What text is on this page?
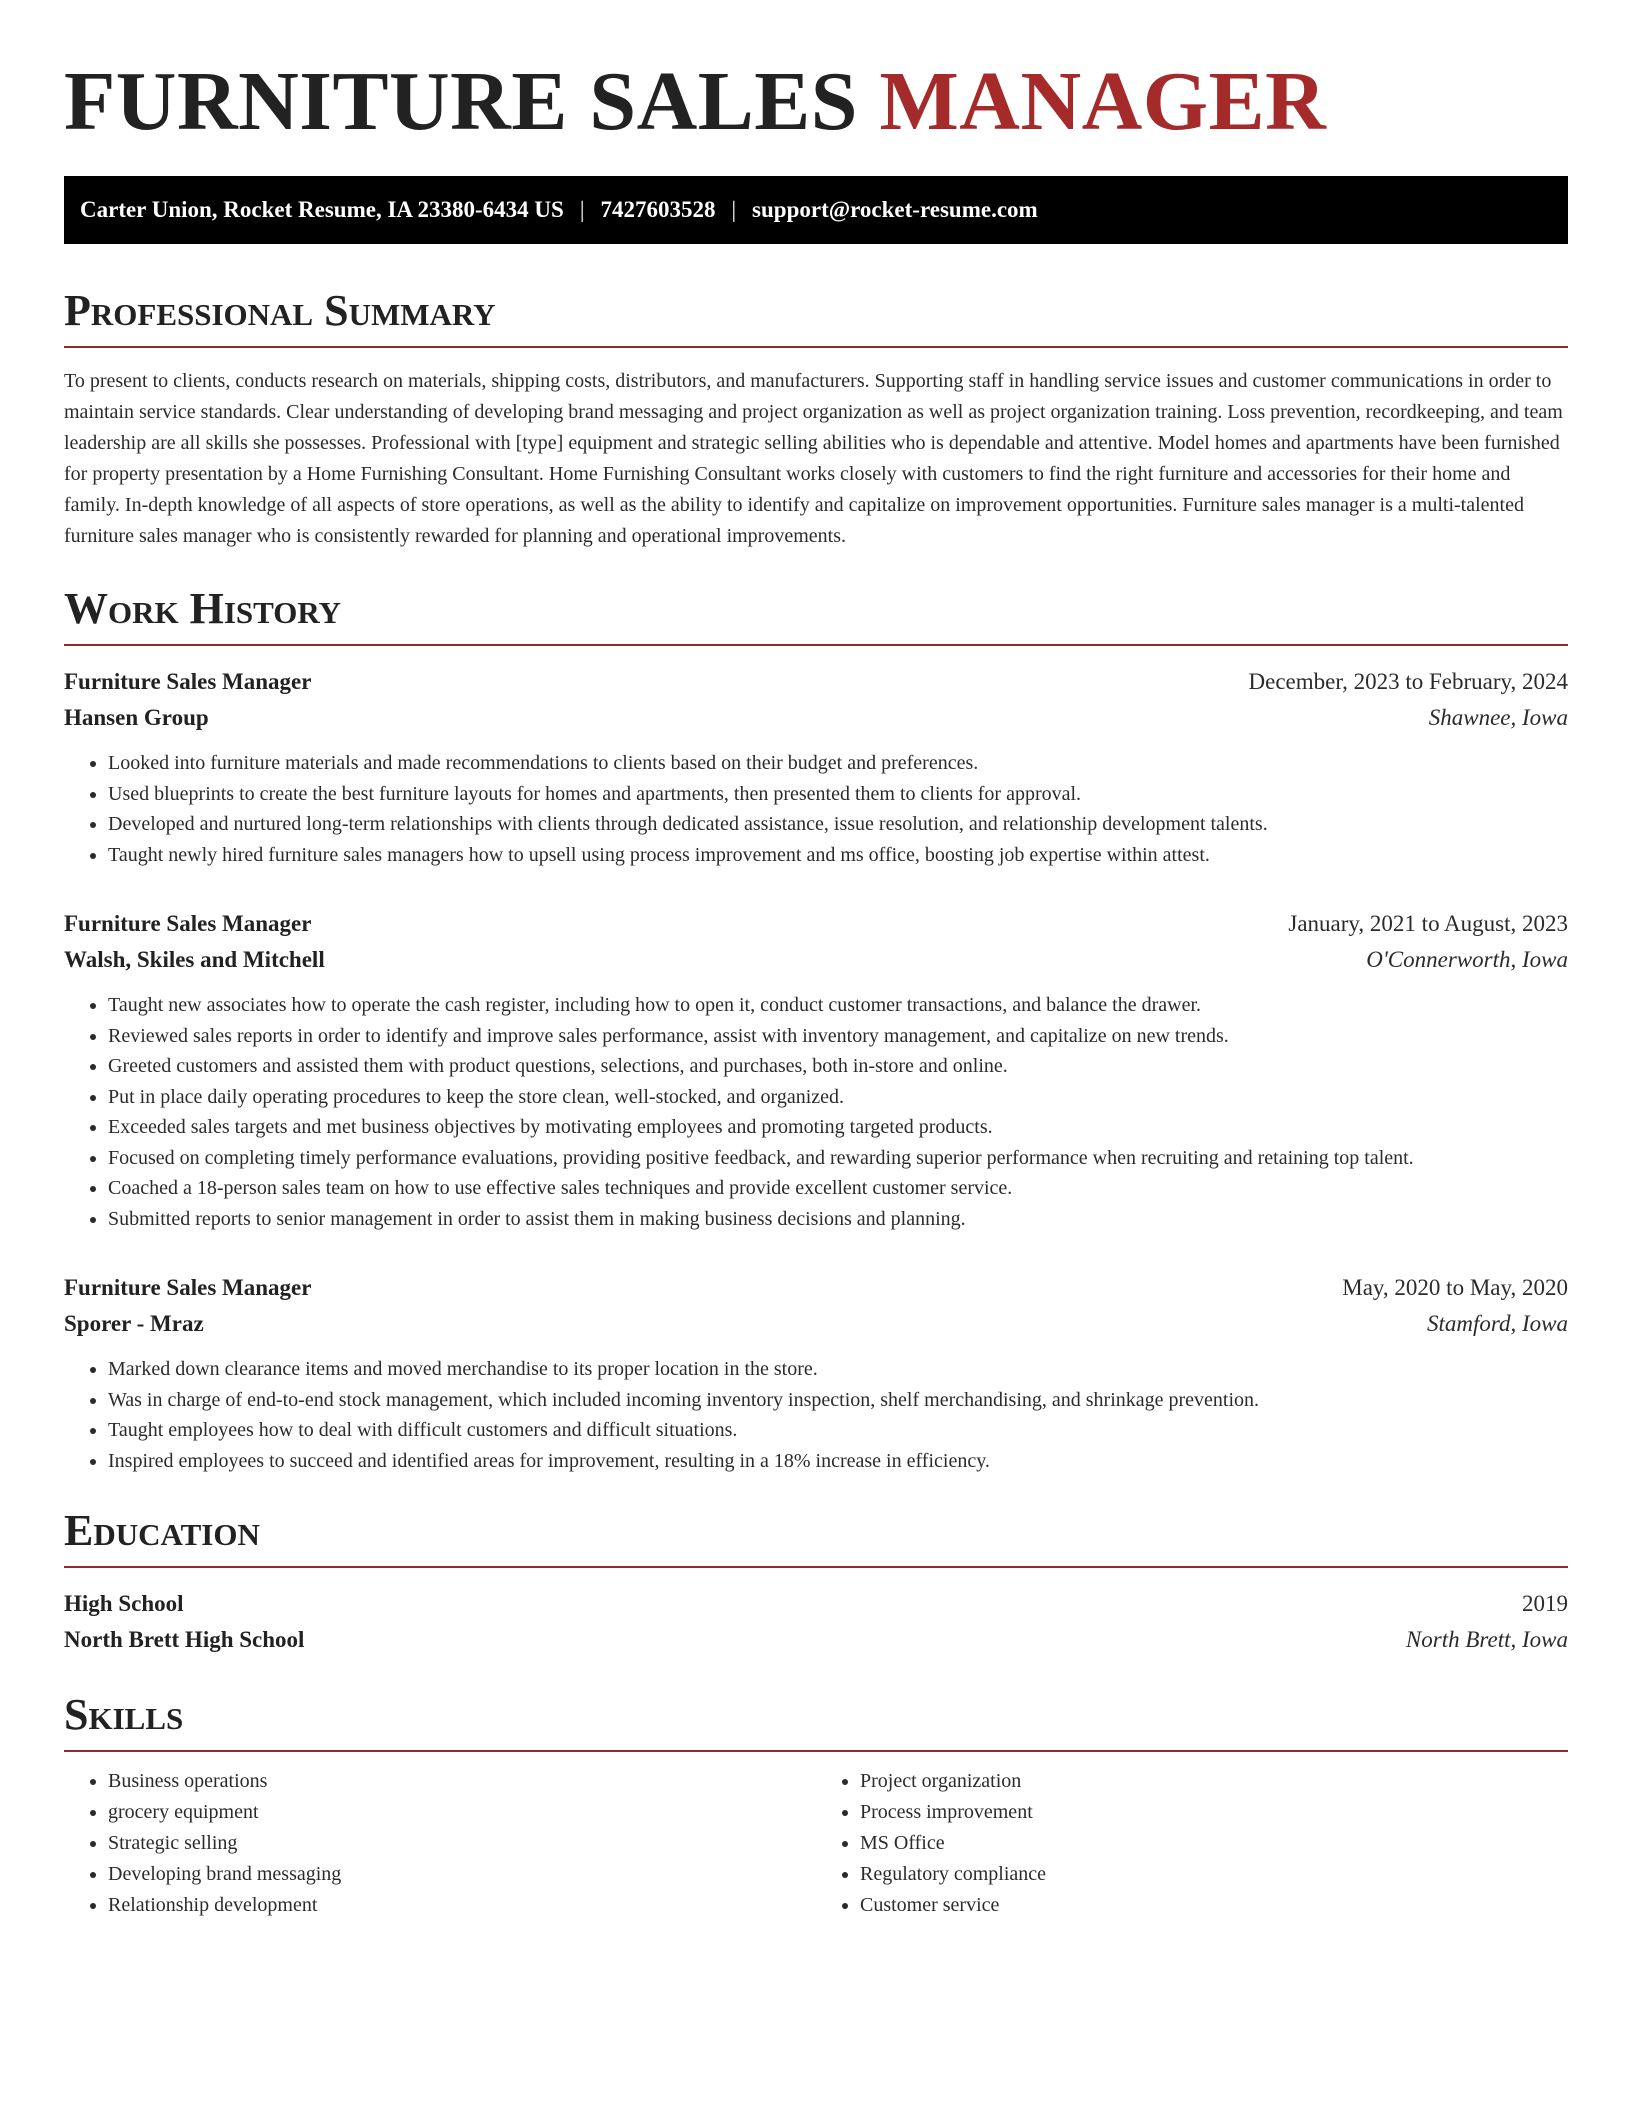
FURNITURE SALES MANAGER
Carter Union, Rocket Resume, IA 23380-6434 US | 7427603528 | support@rocket-resume.com
Professional Summary

To present to clients, conducts research on materials, shipping costs, distributors, and manufacturers. Supporting staff in handling service issues and customer communications in order to maintain service standards. Clear understanding of developing brand messaging and project organization as well as project organization training. Loss prevention, recordkeeping, and team leadership are all skills she possesses. Professional with [type] equipment and strategic selling abilities who is dependable and attentive. Model homes and apartments have been furnished for property presentation by a Home Furnishing Consultant. Home Furnishing Consultant works closely with customers to find the right furniture and accessories for their home and family. In-depth knowledge of all aspects of store operations, as well as the ability to identify and capitalize on improvement opportunities. Furniture sales manager is a multi-talented furniture sales manager who is consistently rewarded for planning and operational improvements.

Work History
Furniture Sales Manager	December, 2023 to February, 2024
Hansen Group	Shawnee, Iowa
• Looked into furniture materials and made recommendations to clients based on their budget and preferences.
• Used blueprints to create the best furniture layouts for homes and apartments, then presented them to clients for approval.
• Developed and nurtured long-term relationships with clients through dedicated assistance, issue resolution, and relationship development talents.
• Taught newly hired furniture sales managers how to upsell using process improvement and ms office, boosting job expertise within attest.
Furniture Sales Manager	January, 2021 to August, 2023
Walsh, Skiles and Mitchell	O'Connerworth, Iowa
• Taught new associates how to operate the cash register, including how to open it, conduct customer transactions, and balance the drawer.
• Reviewed sales reports in order to identify and improve sales performance, assist with inventory management, and capitalize on new trends.
• Greeted customers and assisted them with product questions, selections, and purchases, both in-store and online.
• Put in place daily operating procedures to keep the store clean, well-stocked, and organized.
• Exceeded sales targets and met business objectives by motivating employees and promoting targeted products.
• Focused on completing timely performance evaluations, providing positive feedback, and rewarding superior performance when recruiting and retaining top talent.
• Coached a 18-person sales team on how to use effective sales techniques and provide excellent customer service.
• Submitted reports to senior management in order to assist them in making business decisions and planning.
Furniture Sales Manager	May, 2020 to May, 2020
Sporer - Mraz	Stamford, Iowa
• Marked down clearance items and moved merchandise to its proper location in the store.
• Was in charge of end-to-end stock management, which included incoming inventory inspection, shelf merchandising, and shrinkage prevention.
• Taught employees how to deal with difficult customers and difficult situations.
• Inspired employees to succeed and identified areas for improvement, resulting in a 18% increase in efficiency.
Education
High School	2019
North Brett High School	North Brett, Iowa
Skills
• Business operations
• grocery equipment
• Strategic selling
• Developing brand messaging
• Relationship development
• Project organization
• Process improvement
• MS Office
• Regulatory compliance
• Customer service
